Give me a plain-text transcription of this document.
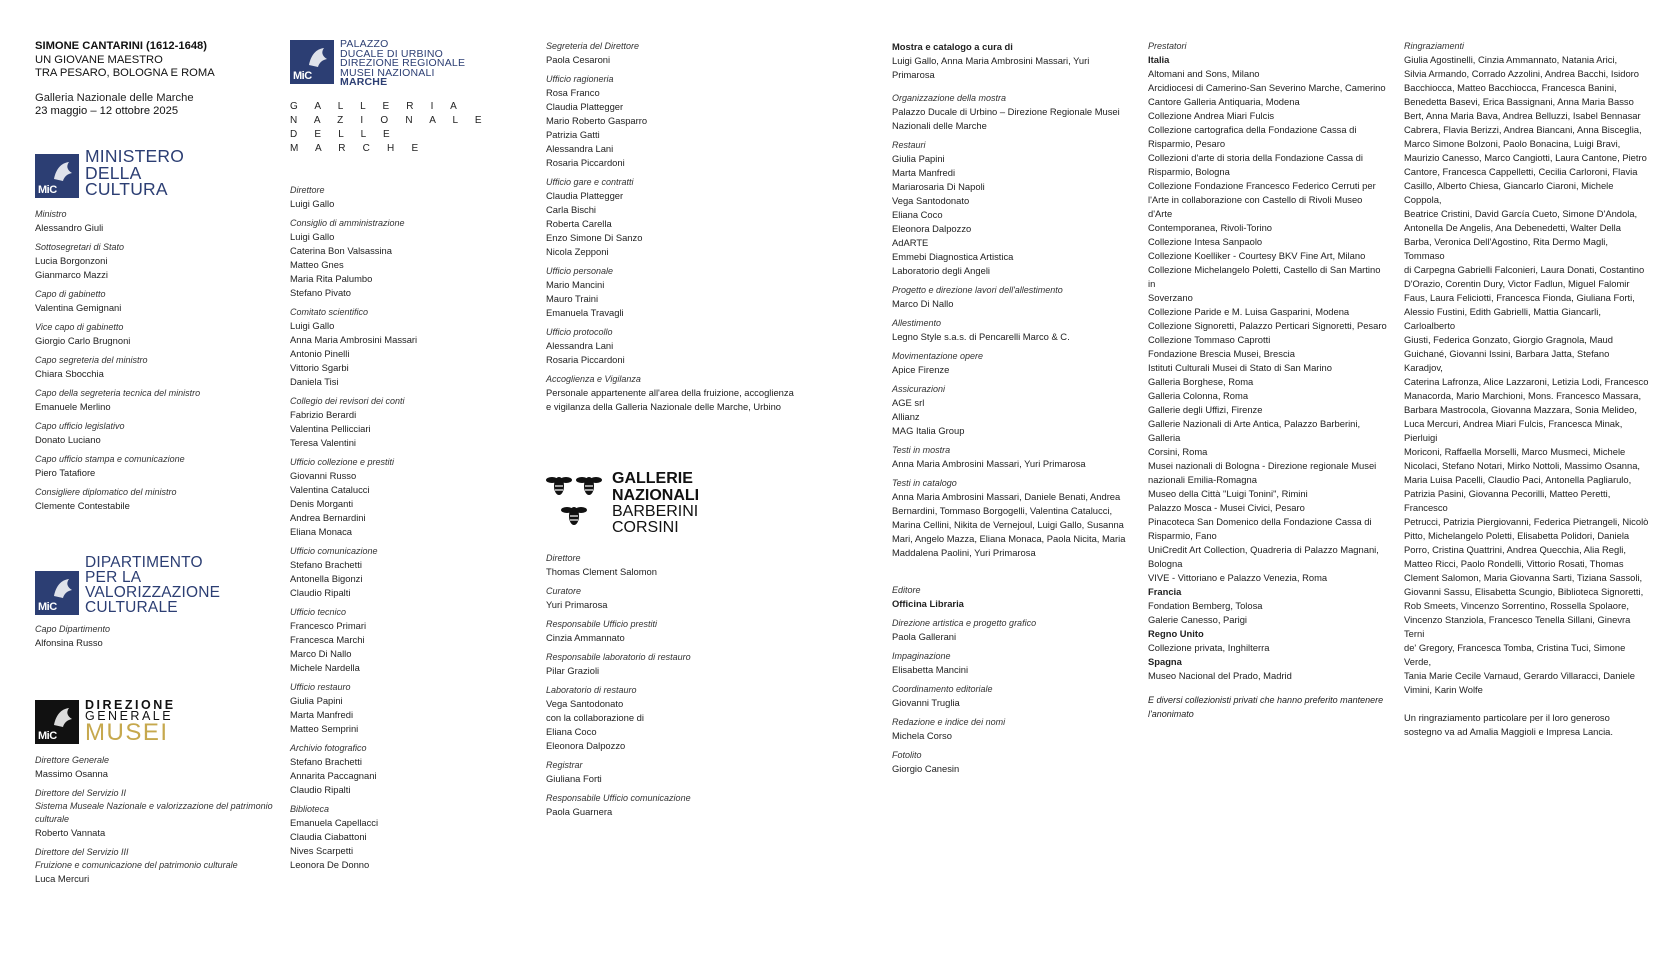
SIMONE CANTARINI (1612-1648)
UN GIOVANE MAESTRO
TRA PESARO, BOLOGNA E ROMA
Galleria Nazionale delle Marche
23 maggio – 12 ottobre 2025
MiC
MINISTERO
DELLA
CULTURA
Ministro
Alessandro Giuli
Sottosegretari di Stato
Lucia Borgonzoni
Gianmarco Mazzi
Capo di gabinetto
Valentina Gemignani
Vice capo di gabinetto
Giorgio Carlo Brugnoni
Capo segreteria del ministro
Chiara Sbocchia
Capo della segreteria tecnica del ministro
Emanuele Merlino
Capo ufficio legislativo
Donato Luciano
Capo ufficio stampa e comunicazione
Piero Tatafiore
Consigliere diplomatico del ministro
Clemente Contestabile
MiC
DIPARTIMENTO
PER LA VALORIZZAZIONE
CULTURALE
Capo Dipartimento
Alfonsina Russo
MiC
DIREZIONE
GENERALE
MUSEI
Direttore Generale
Massimo Osanna
Direttore del Servizio II
Sistema Museale Nazionale e valorizzazione del patrimonio culturale
Roberto Vannata
Direttore del Servizio III
Fruizione e comunicazione del patrimonio culturale
Luca Mercuri
MiC
PALAZZO
DUCALE DI URBINO
DIREZIONE REGIONALE
MUSEI NAZIONALI
MARCHE
G A L L E R I A
N A Z I O N A L E
D E L L E
M A R C H E
Direttore
Luigi Gallo
Consiglio di amministrazione
Luigi Gallo
Caterina Bon Valsassina
Matteo Gnes
Maria Rita Palumbo
Stefano Pivato
Comitato scientifico
Luigi Gallo
Anna Maria Ambrosini Massari
Antonio Pinelli
Vittorio Sgarbi
Daniela Tisi
Collegio dei revisori dei conti
Fabrizio Berardi
Valentina Pellicciari
Teresa Valentini
Ufficio collezione e prestiti
Giovanni Russo
Valentina Catalucci
Denis Morganti
Andrea Bernardini
Eliana Monaca
Ufficio comunicazione
Stefano Brachetti
Antonella Bigonzi
Claudio Ripalti
Ufficio tecnico
Francesco Primari
Francesca Marchi
Marco Di Nallo
Michele Nardella
Ufficio restauro
Giulia Papini
Marta Manfredi
Matteo Semprini
Archivio fotografico
Stefano Brachetti
Annarita Paccagnani
Claudio Ripalti
Biblioteca
Emanuela Capellacci
Claudia Ciabattoni
Nives Scarpetti
Leonora De Donno
Segreteria del Direttore
Paola Cesaroni
Ufficio ragioneria
Rosa Franco
Claudia Plattegger
Mario Roberto Gasparro
Patrizia Gatti
Alessandra Lani
Rosaria Piccardoni
Ufficio gare e contratti
Claudia Plattegger
Carla Bischi
Roberta Carella
Enzo Simone Di Sanzo
Nicola Zepponi
Ufficio personale
Mario Mancini
Mauro Traini
Emanuela Travagli
Ufficio protocollo
Alessandra Lani
Rosaria Piccardoni
Accoglienza e Vigilanza
Personale appartenente all'area della fruizione, accoglienza
e vigilanza della Galleria Nazionale delle Marche, Urbino
GALLERIE
NAZIONALI
BARBERINI
CORSINI
Direttore
Thomas Clement Salomon
Curatore
Yuri Primarosa
Responsabile Ufficio prestiti
Cinzia Ammannato
Responsabile laboratorio di restauro
Pilar Grazioli
Laboratorio di restauro
Vega Santodonato
con la collaborazione di
Eliana Coco
Eleonora Dalpozzo
Registrar
Giuliana Forti
Responsabile Ufficio comunicazione
Paola Guarnera
Mostra e catalogo a cura di
Luigi Gallo, Anna Maria Ambrosini Massari, Yuri Primarosa
Organizzazione della mostra
Palazzo Ducale di Urbino – Direzione Regionale Musei
Nazionali delle Marche
Restauri
Giulia Papini
Marta Manfredi
Mariarosaria Di Napoli
Vega Santodonato
Eliana Coco
Eleonora Dalpozzo
AdARTE
Emmebi Diagnostica Artistica
Laboratorio degli Angeli
Progetto e direzione lavori dell'allestimento
Marco Di Nallo
Allestimento
Legno Style s.a.s. di Pencarelli Marco & C.
Movimentazione opere
Apice Firenze
Assicurazioni
AGE srl
Allianz
MAG Italia Group
Testi in mostra
Anna Maria Ambrosini Massari, Yuri Primarosa
Testi in catalogo
Anna Maria Ambrosini Massari, Daniele Benati, Andrea
Bernardini, Tommaso Borgogelli, Valentina Catalucci,
Marina Cellini, Nikita de Vernejoul, Luigi Gallo, Susanna
Mari, Angelo Mazza, Eliana Monaca, Paola Nicita, Maria
Maddalena Paolini, Yuri Primarosa
Editore
Officina Libraria
Direzione artistica e progetto grafico
Paola Gallerani
Impaginazione
Elisabetta Mancini
Coordinamento editoriale
Giovanni Truglia
Redazione e indice dei nomi
Michela Corso
Fotolito
Giorgio Canesin
Prestatori
Italia
Altomani and Sons, Milano
Arcidiocesi di Camerino-San Severino Marche, Camerino
Cantore Galleria Antiquaria, Modena
Collezione Andrea Miari Fulcis
Collezione cartografica della Fondazione Cassa di
Risparmio, Pesaro
Collezioni d'arte di storia della Fondazione Cassa di
Risparmio, Bologna
Collezione Fondazione Francesco Federico Cerruti per
l'Arte in collaborazione con Castello di Rivoli Museo d'Arte
Contemporanea, Rivoli-Torino
Collezione Intesa Sanpaolo
Collezione Koelliker - Courtesy BKV Fine Art, Milano
Collezione Michelangelo Poletti, Castello di San Martino in
Soverzano
Collezione Paride e M. Luisa Gasparini, Modena
Collezione Signoretti, Palazzo Perticari Signoretti, Pesaro
Collezione Tommaso Caprotti
Fondazione Brescia Musei, Brescia
Istituti Culturali Musei di Stato di San Marino
Galleria Borghese, Roma
Galleria Colonna, Roma
Gallerie degli Uffizi, Firenze
Gallerie Nazionali di Arte Antica, Palazzo Barberini, Galleria
Corsini, Roma
Musei nazionali di Bologna - Direzione regionale Musei
nazionali Emilia-Romagna
Museo della Città "Luigi Tonini", Rimini
Palazzo Mosca - Musei Civici, Pesaro
Pinacoteca San Domenico della Fondazione Cassa di
Risparmio, Fano
UniCredit Art Collection, Quadreria di Palazzo Magnani,
Bologna
VIVE - Vittoriano e Palazzo Venezia, Roma
Francia
Fondation Bemberg, Tolosa
Galerie Canesso, Parigi
Regno Unito
Collezione privata, Inghilterra
Spagna
Museo Nacional del Prado, Madrid
E diversi collezionisti privati che hanno preferito mantenere
l'anonimato
Ringraziamenti
Giulia Agostinelli, Cinzia Ammannato, Natania Arici,
Silvia Armando, Corrado Azzolini, Andrea Bacchi, Isidoro
Bacchiocca, Matteo Bacchiocca, Francesca Banini,
Benedetta Basevi, Erica Bassignani, Anna Maria Basso
Bert, Anna Maria Bava, Andrea Belluzzi, Isabel Bennasar
Cabrera, Flavia Berizzi, Andrea Biancani, Anna Bisceglia,
Marco Simone Bolzoni, Paolo Bonacina, Luigi Bravi,
Maurizio Canesso, Marco Cangiotti, Laura Cantone, Pietro
Cantore, Francesca Cappelletti, Cecilia Carloroni, Flavia
Casillo, Alberto Chiesa, Giancarlo Ciaroni, Michele Coppola,
Beatrice Cristini, David García Cueto, Simone D'Andola,
Antonella De Angelis, Ana Debenedetti, Walter Della
Barba, Veronica Dell'Agostino, Rita Dermo Magli, Tommaso
di Carpegna Gabrielli Falconieri, Laura Donati, Costantino
D'Orazio, Corentin Dury, Victor Fadlun, Miguel Falomir
Faus, Laura Feliciotti, Francesca Fionda, Giuliana Forti,
Alessio Fustini, Edith Gabrielli, Mattia Giancarli, Carloalberto
Giusti, Federica Gonzato, Giorgio Gragnola, Maud
Guichané, Giovanni Issini, Barbara Jatta, Stefano Karadjov,
Caterina Lafronza, Alice Lazzaroni, Letizia Lodi, Francesco
Manacorda, Mario Marchioni, Mons. Francesco Massara,
Barbara Mastrocola, Giovanna Mazzara, Sonia Melideo,
Luca Mercuri, Andrea Miari Fulcis, Francesca Minak, Pierluigi
Moriconi, Raffaella Morselli, Marco Musmeci, Michele
Nicolaci, Stefano Notari, Mirko Nottoli, Massimo Osanna,
Maria Luisa Pacelli, Claudio Paci, Antonella Pagliarulo,
Patrizia Pasini, Giovanna Pecorilli, Matteo Peretti, Francesco
Petrucci, Patrizia Piergiovanni, Federica Pietrangeli, Nicolò
Pitto, Michelangelo Poletti, Elisabetta Polidori, Daniela
Porro, Cristina Quattrini, Andrea Quecchia, Alia Regli,
Matteo Ricci, Paolo Rondelli, Vittorio Rosati, Thomas
Clement Salomon, Maria Giovanna Sarti, Tiziana Sassoli,
Giovanni Sassu, Elisabetta Scungio, Biblioteca Signoretti,
Rob Smeets, Vincenzo Sorrentino, Rossella Spolaore,
Vincenzo Stanziola, Francesco Tenella Sillani, Ginevra Terni
de' Gregory, Francesca Tomba, Cristina Tuci, Simone Verde,
Tania Marie Cecile Varnaud, Gerardo Villaracci, Daniele
Vimini, Karin Wolfe
Un ringraziamento particolare per il loro generoso
sostegno va ad Amalia Maggioli e Impresa Lancia.
